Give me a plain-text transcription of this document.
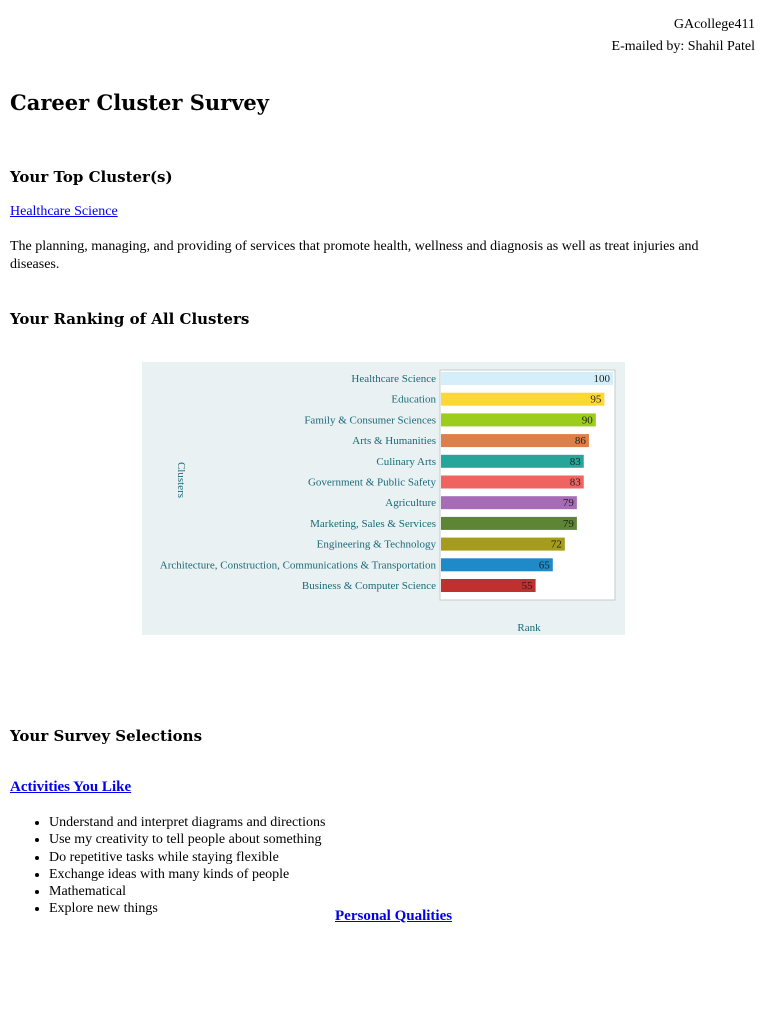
GAcollege411
E-mailed by: Shahil Patel
Career Cluster Survey
Your Top Cluster(s)
Healthcare Science

The planning, managing, and providing of services that promote health, wellness and diagnosis as well as treat injuries and diseases.

Your Ranking of All Clusters
Healthcare Science	100
Education	95
Family & Consumer Sciences	90
Arts & Humanities	86
Culinary Arts	83
Government & Public Safety	83
Agriculture	79
Marketing, Sales & Services	79
Engineering & Technology	72
Architecture, Construction, Communications & Transportation	65
Business & Computer Science	55
Clusters
Rank
Your Survey Selections
Activities You Like
• Understand and interpret diagrams and directions
• Use my creativity to tell people about something
• Do repetitive tasks while staying flexible
• Exchange ideas with many kinds of people
• Mathematical
• Explore new things	Personal Qualities
